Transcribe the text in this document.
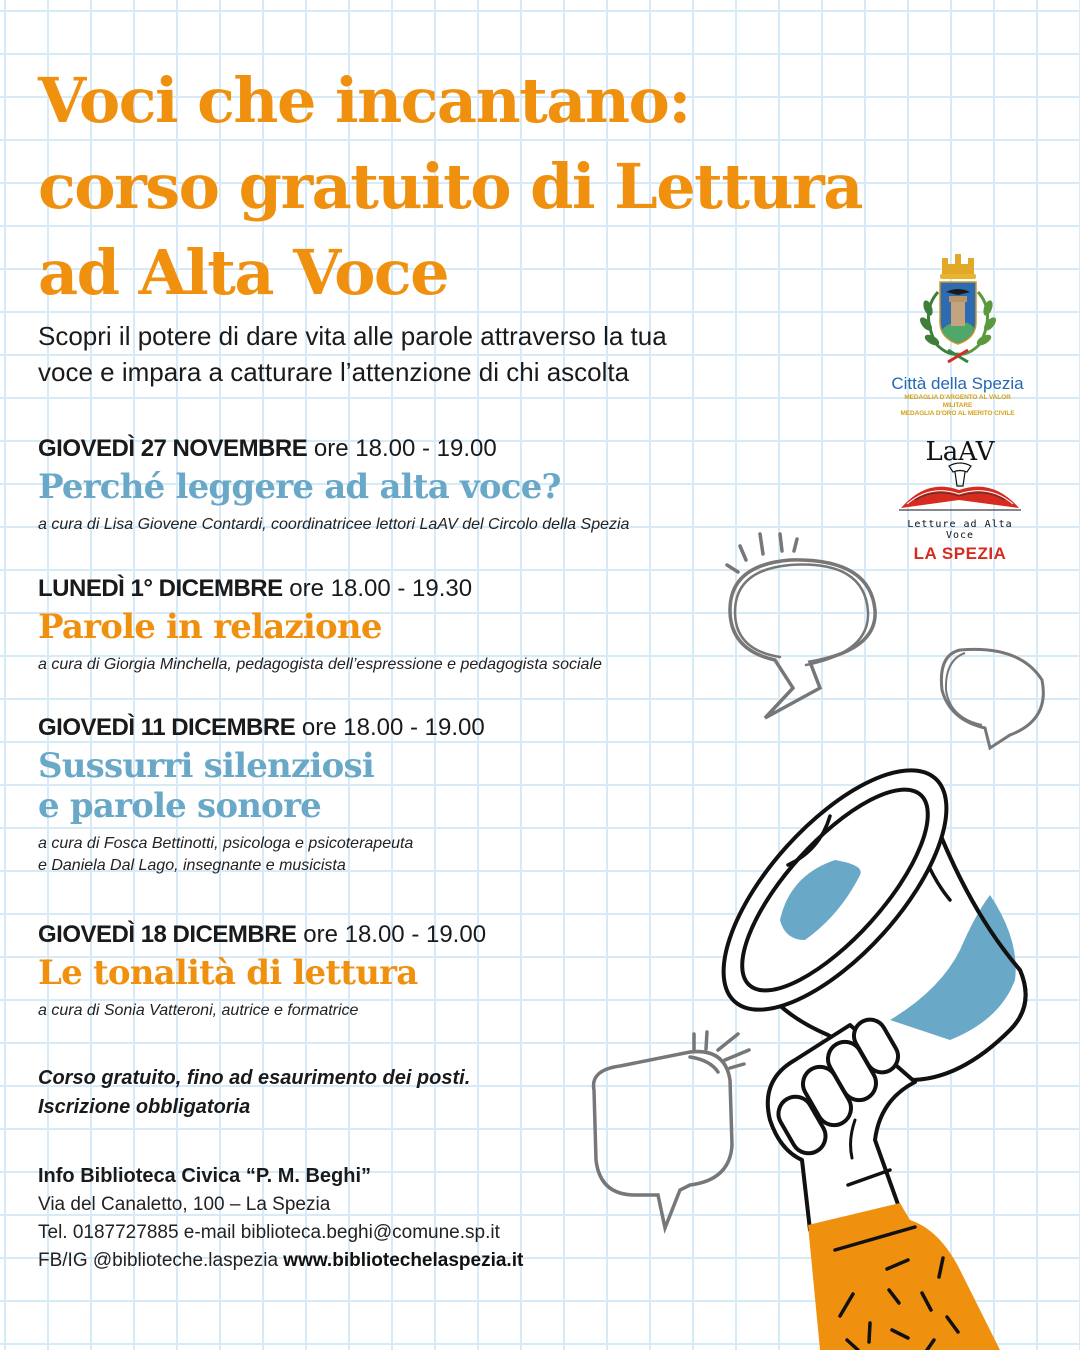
Voci che incantano:
corso gratuito di Lettura
ad Alta Voce
Scopri il potere di dare vita alle parole attraverso la tua
voce e impara a catturare l’attenzione di chi ascolta
GIOVEDÌ 27 NOVEMBRE ore 18.00 - 19.00
Perché leggere ad alta voce?
a cura di Lisa Giovene Contardi, coordinatricee lettori LaAV del Circolo della Spezia
LUNEDÌ 1° DICEMBRE ore 18.00 - 19.30
Parole in relazione
a cura di Giorgia Minchella, pedagogista dell’espressione e pedagogista sociale
GIOVEDÌ 11 DICEMBRE ore 18.00 - 19.00
Sussurri silenziosi
e parole sonore
a cura di Fosca Bettinotti, psicologa e psicoterapeuta
e Daniela Dal Lago, insegnante e musicista
GIOVEDÌ 18 DICEMBRE ore 18.00 - 19.00
Le tonalità di lettura
a cura di Sonia Vatteroni, autrice e formatrice
Corso gratuito, fino ad esaurimento dei posti.
Iscrizione obbligatoria
Info Biblioteca Civica “P. M. Beghi”
Via del Canaletto, 100 – La Spezia
Tel. 0187727885 e-mail biblioteca.beghi@comune.sp.it
FB/IG @biblioteche.laspezia www.bibliotechelaspezia.it
Città della Spezia
MEDAGLIA D'ARGENTO AL VALOR MILITARE
MEDAGLIA D'ORO AL MERITO CIVILE
LaAV
Letture ad Alta Voce
LA SPEZIA
